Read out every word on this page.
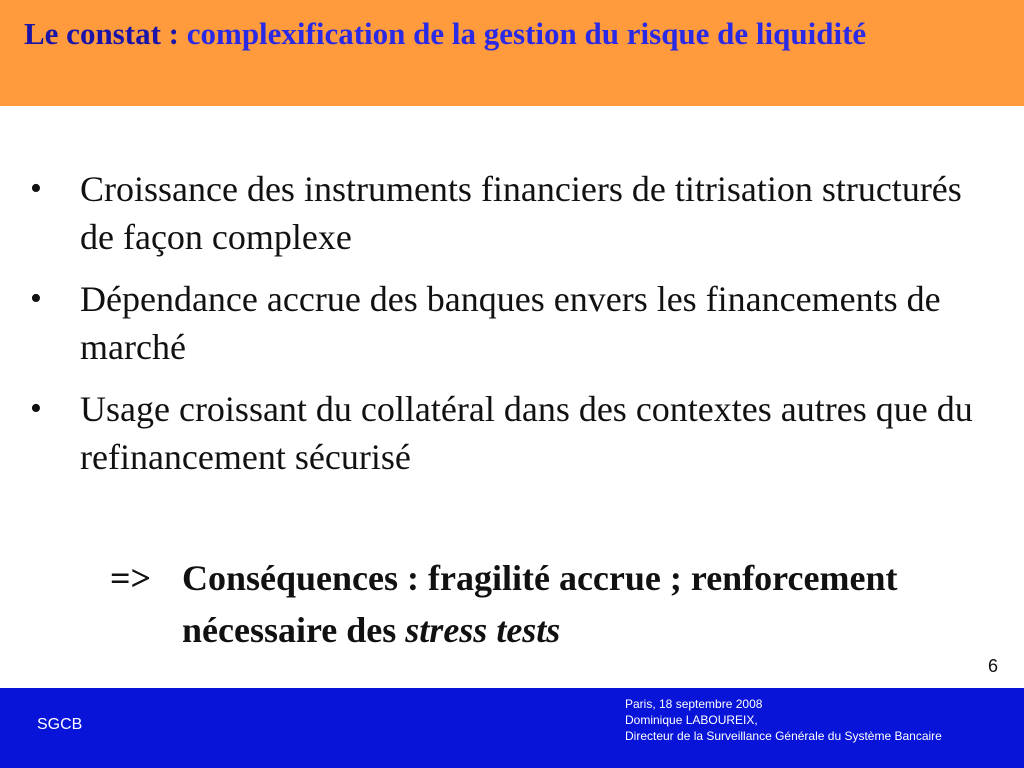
Le constat : complexification de la gestion du risque de liquidité
•	Croissance des instruments financiers de titrisation structurés de façon complexe
•	Dépendance accrue des banques envers les financements de marché
•	Usage croissant du collatéral dans des contextes autres que du refinancement sécurisé
=> Conséquences : fragilité accrue ; renforcement nécessaire des stress tests
6
SGCB
Paris, 18 septembre 2008
Dominique LABOUREIX,
Directeur de la Surveillance Générale du Système Bancaire
